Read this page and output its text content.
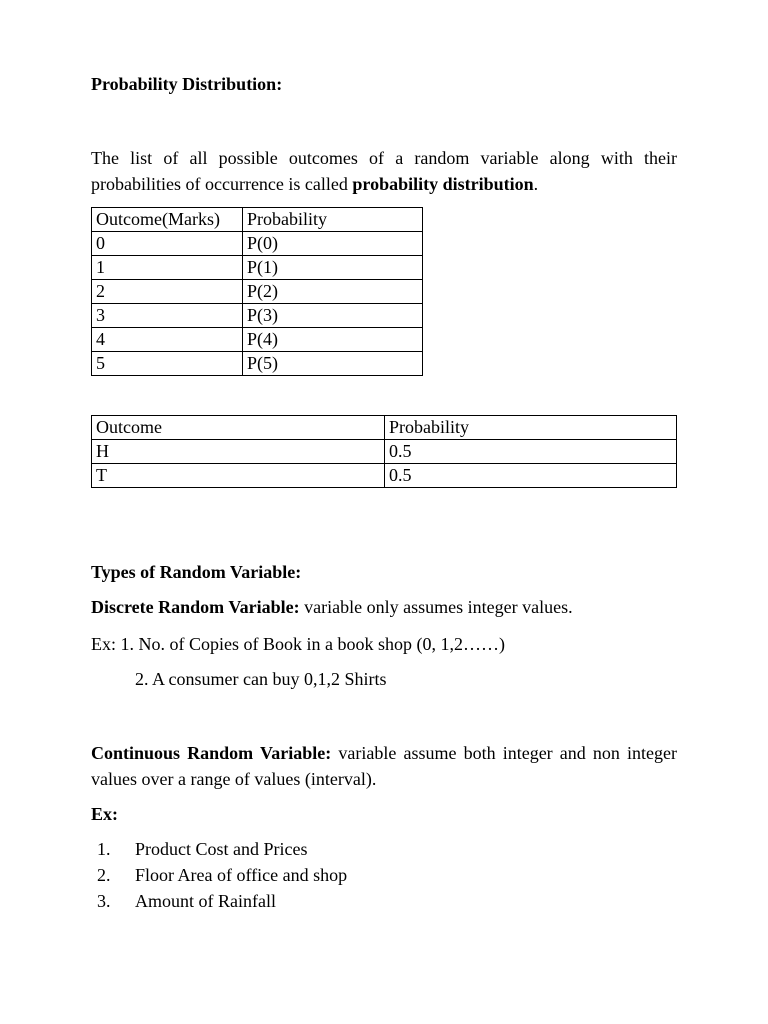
Probability Distribution:
The list of all possible outcomes of a random variable along with their probabilities of occurrence is called probability distribution.
Outcome(Marks)	Probability
0	P(0)
1	P(1)
2	P(2)
3	P(3)
4	P(4)
5	P(5)
Outcome	Probability
H	0.5
T	0.5
Types of Random Variable:
Discrete Random Variable: variable only assumes integer values.
Ex: 1. No. of Copies of Book in a book shop (0, 1,2……)
2. A consumer can buy 0,1,2 Shirts
Continuous Random Variable: variable assume both integer and non integer values over a range of values (interval).
Ex:
1.	Product Cost and Prices
2.	Floor Area of office and shop
3.	Amount of Rainfall
